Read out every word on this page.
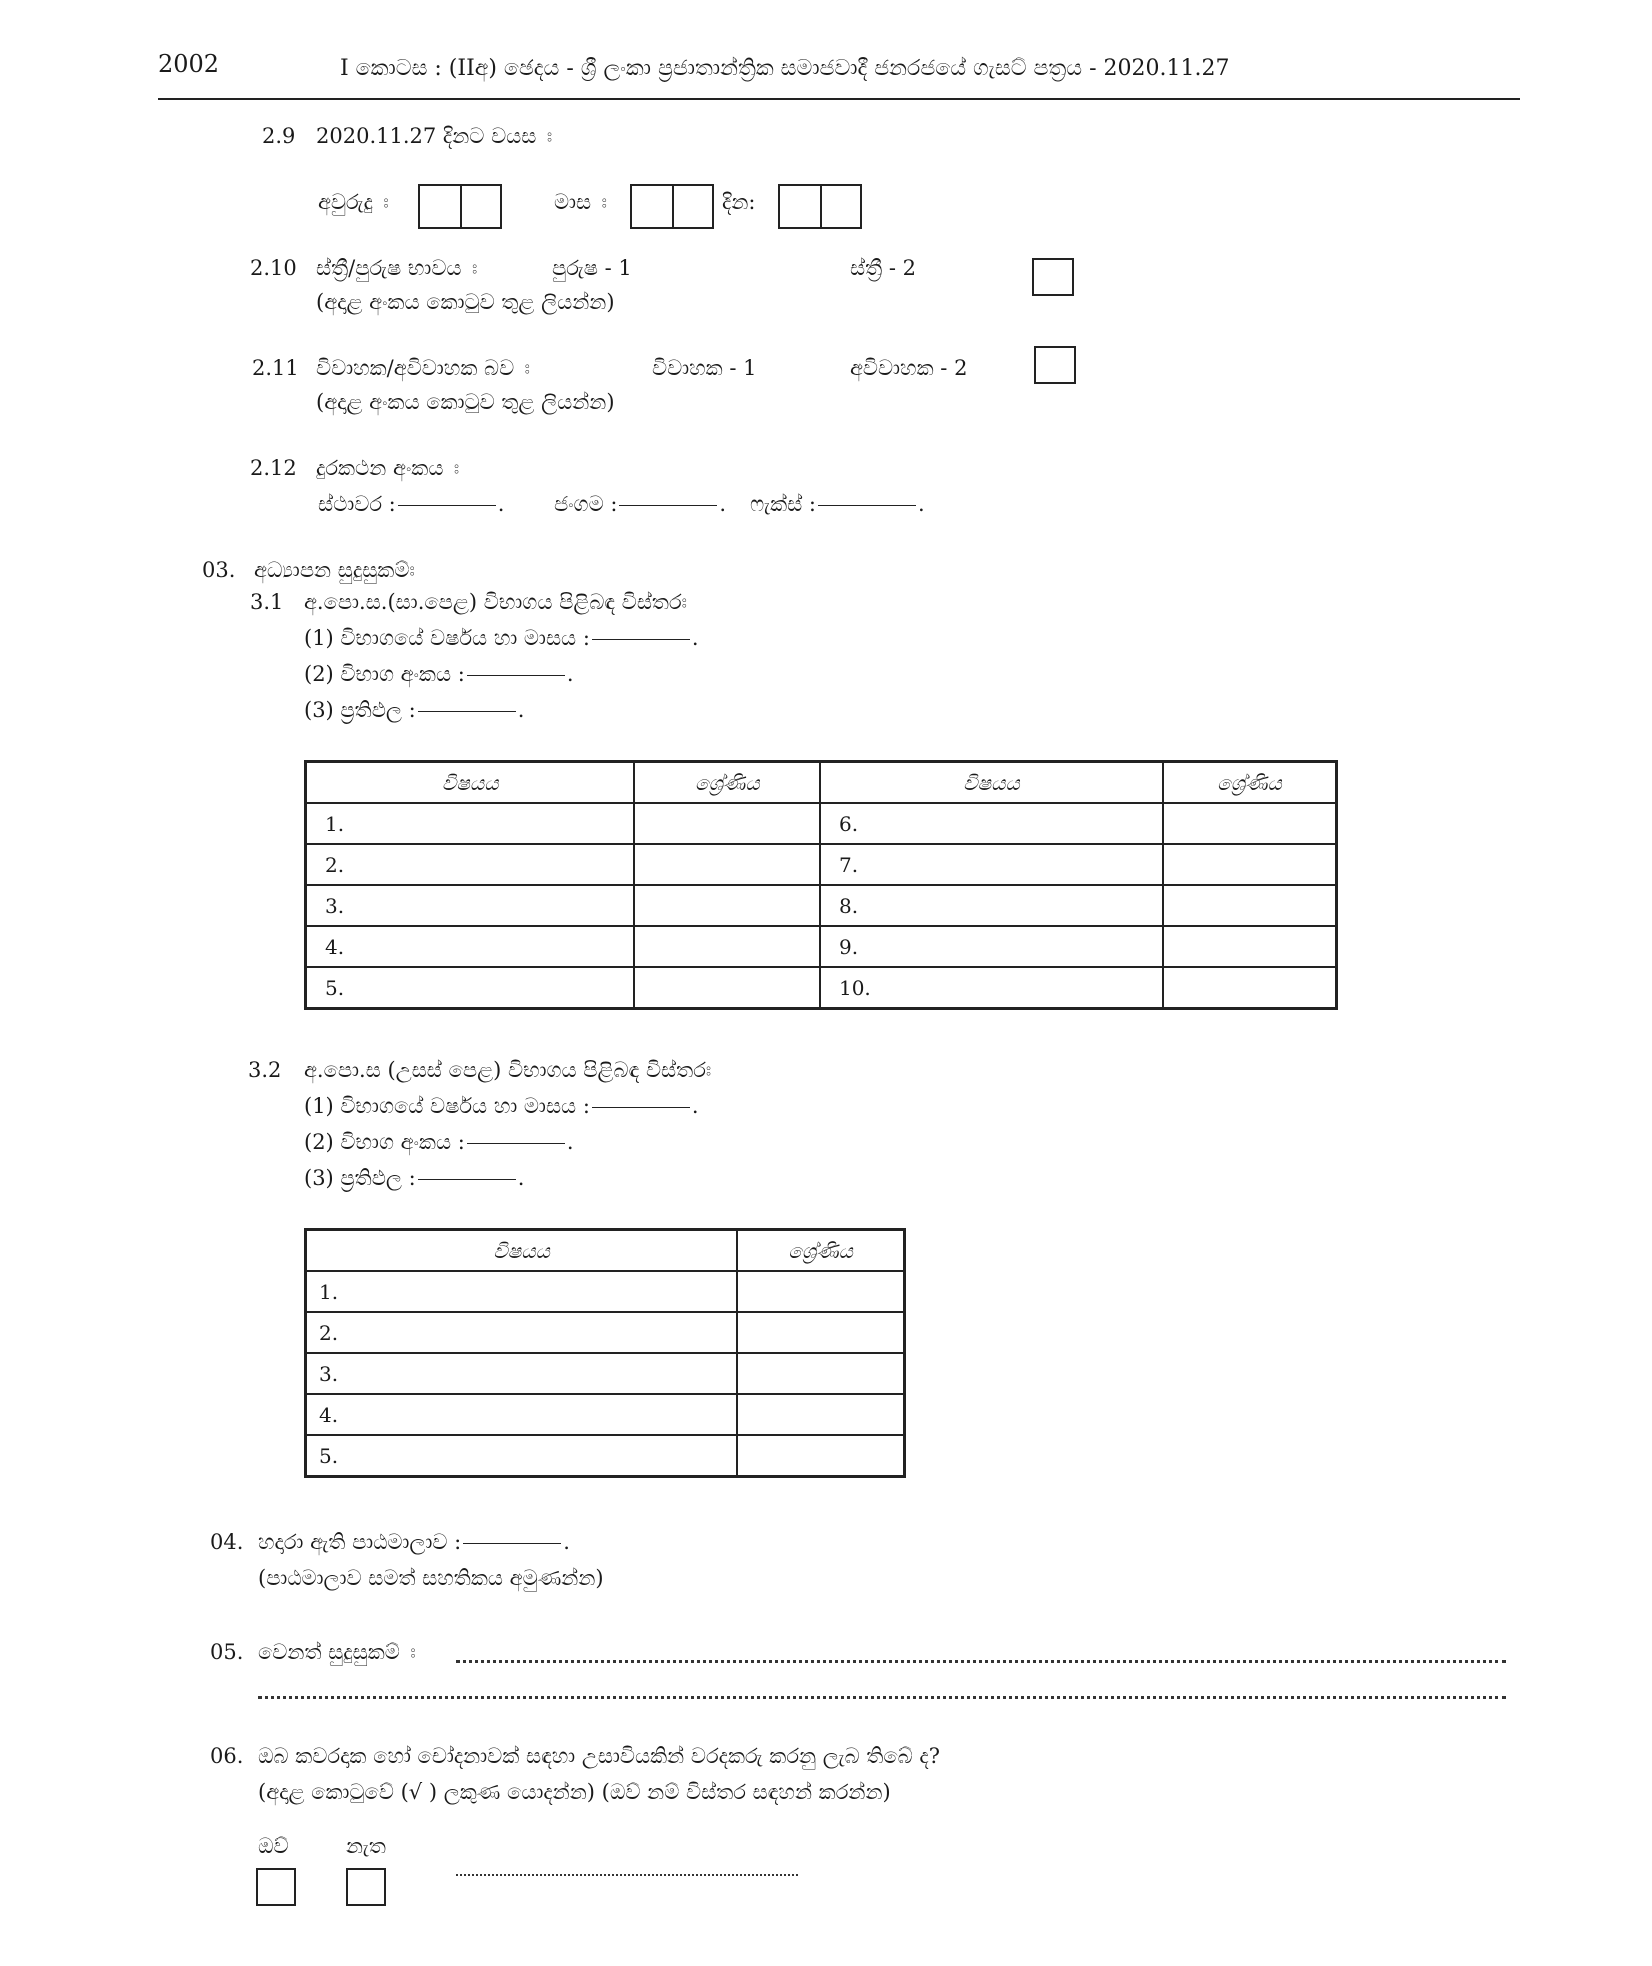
2002	I කොටස : (IIඅ) ඡෙදය - ශ්‍රී ලංකා ප්‍රජාතාන්ත්‍රික සමාජවාදී ජනරජයේ ගැසට් පත්‍රය - 2020.11.27
2.9 2020.11.27 දිනට වයස ඃ
අවුරුදු ඃ	මාස ඃ	දින:
2.10 ස්ත්‍රී/පුරුෂ භාවය ඃ	පුරුෂ - 1	ස්ත්‍රී - 2
(අදාළ අංකය කොටුව තුළ ලියන්න)
2.11 විවාහක/අවිවාහක බව ඃ	විවාහක - 1	අවිවාහක - 2
(අදාළ අංකය කොටුව තුළ ලියන්න)
2.12 දුරකථන අංකය ඃ
ස්ථාවර :	. ජංගම :	. ෆැක්ස් :	.
03. අධ්‍යාපන සුදුසුකම්ඃ
3.1 අ.පො.ස.(සා.පෙළ) විභාගය පිළිබඳ විස්තරඃ
(1) විභාගයේ වර්ෂය හා මාසය :	.
(2) විභාග අංකය :	.
(3) ප්‍රතිඵල :	.
විෂයය	ශ්‍රේණිය	විෂයය	ශ්‍රේණිය
1.		6.	
2.		7.	
3.		8.	
4.		9.	
5.		10.	
3.2 අ.පො.ස (උසස් පෙළ) විභාගය පිළිබඳ විස්තරඃ
(1) විභාගයේ වර්ෂය හා මාසය :	.
(2) විභාග අංකය :	.
(3) ප්‍රතිඵල :	.
විෂයය	ශ්‍රේණිය
1.	
2.	
3.	
4.	
5.	
04. හදාරා ඇති පාඨමාලාව :	.
(පාඨමාලාව සමත් සහතිකය අමුණන්න)
05. වෙනත් සුදුසුකම් ඃ
06. ඔබ කවරදාක හෝ චෝදනාවක් සඳහා උසාවියකින් වරදකරු කරනු ලැබ තිබේ ද?
(අදාළ කොටුවේ (√ ) ලකුණ යොදන්න) (ඔව් නම් විස්තර සඳහන් කරන්න)
ඔව්	නැත
